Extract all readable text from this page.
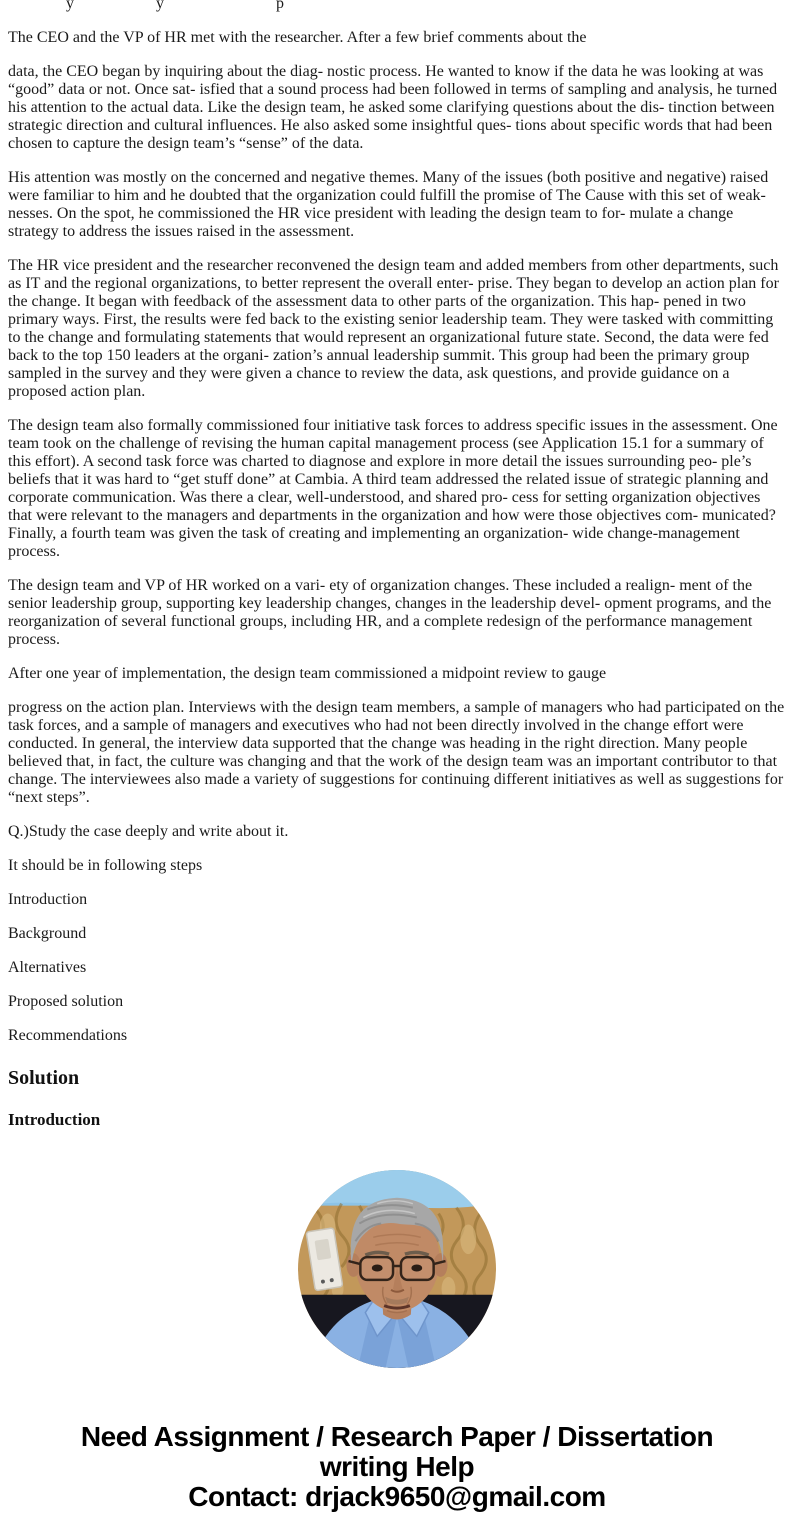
y	y	p

The CEO and the VP of HR met with the researcher. After a few brief comments about the

data, the CEO began by inquiring about the diag- nostic process. He wanted to know if the data he was looking at was “good” data or not. Once sat- isfied that a sound process had been followed in terms of sampling and analysis, he turned his attention to the actual data. Like the design team, he asked some clarifying questions about the dis- tinction between strategic direction and cultural influences. He also asked some insightful ques- tions about specific words that had been chosen to capture the design team’s “sense” of the data.

His attention was mostly on the concerned and negative themes. Many of the issues (both positive and negative) raised were familiar to him and he doubted that the organization could fulfill the promise of The Cause with this set of weak- nesses. On the spot, he commissioned the HR vice president with leading the design team to for- mulate a change strategy to address the issues raised in the assessment.

The HR vice president and the researcher reconvened the design team and added members from other departments, such as IT and the regional organizations, to better represent the overall enter- prise. They began to develop an action plan for the change. It began with feedback of the assessment data to other parts of the organization. This hap- pened in two primary ways. First, the results were fed back to the existing senior leadership team. They were tasked with committing to the change and formulating statements that would represent an organizational future state. Second, the data were fed back to the top 150 leaders at the organi- zation’s annual leadership summit. This group had been the primary group sampled in the survey and they were given a chance to review the data, ask questions, and provide guidance on a proposed action plan.

The design team also formally commissioned four initiative task forces to address specific issues in the assessment. One team took on the challenge of revising the human capital management process (see Application 15.1 for a summary of this effort). A second task force was charted to diagnose and explore in more detail the issues surrounding peo- ple’s beliefs that it was hard to “get stuff done” at Cambia. A third team addressed the related issue of strategic planning and corporate communication. Was there a clear, well-understood, and shared pro- cess for setting organization objectives that were relevant to the managers and departments in the organization and how were those objectives com- municated? Finally, a fourth team was given the task of creating and implementing an organization- wide change-management process.

The design team and VP of HR worked on a vari- ety of organization changes. These included a realign- ment of the senior leadership group, supporting key leadership changes, changes in the leadership devel- opment programs, and the reorganization of several functional groups, including HR, and a complete redesign of the performance management process.

After one year of implementation, the design team commissioned a midpoint review to gauge

progress on the action plan. Interviews with the design team members, a sample of managers who had participated on the task forces, and a sample of managers and executives who had not been directly involved in the change effort were conducted. In general, the interview data supported that the change was heading in the right direction. Many people believed that, in fact, the culture was changing and that the work of the design team was an important contributor to that change. The interviewees also made a variety of suggestions for continuing different initiatives as well as suggestions for “next steps”.

Q.)Study the case deeply and write about it.

It should be in following steps

Introduction

Background

Alternatives

Proposed solution

Recommendations

Solution
Introduction
Need Assignment / Research Paper / Dissertation
writing Help
Contact: drjack9650@gmail.com
